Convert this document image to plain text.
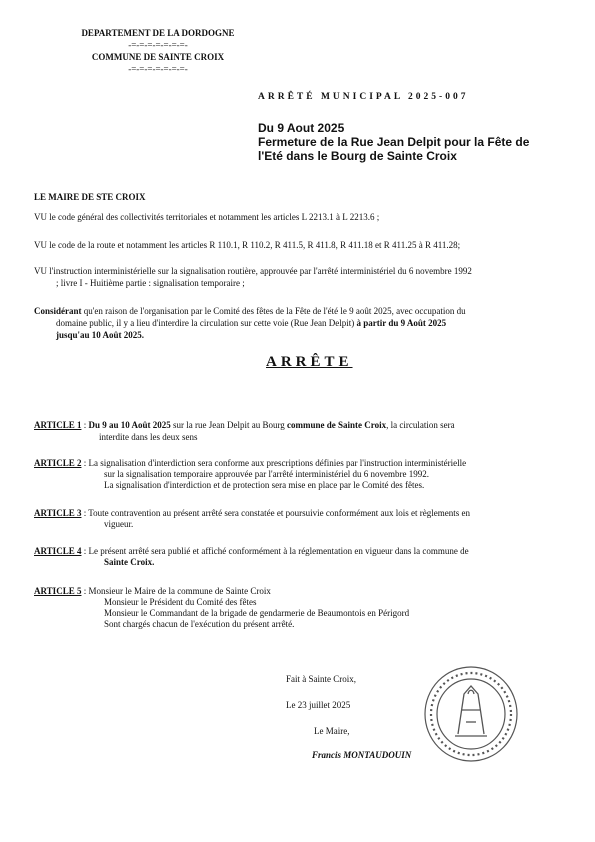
DEPARTEMENT DE LA DORDOGNE
-=-=-=-=-=-=-=-
COMMUNE DE SAINTE CROIX
-=-=-=-=-=-=-=-
ARRÊTÉ MUNICIPAL 2025-007
Du 9 Aout 2025
Fermeture de la Rue Jean Delpit pour la Fête de
l'Eté dans le Bourg de Sainte Croix
LE MAIRE DE STE CROIX
VU le code général des collectivités territoriales et notamment les articles L 2213.1 à L 2213.6 ;
VU le code de la route et notamment les articles R 110.1, R 110.2, R 411.5, R 411.8, R 411.18 et R 411.25 à R 411.28;
VU l'instruction interministérielle sur la signalisation routière, approuvée par l'arrêté interministériel du 6 novembre 1992
; livre I - Huitième partie : signalisation temporaire ;
Considérant qu'en raison de l'organisation par le Comité des fêtes de la Fête de l'été le 9 août 2025, avec occupation du
domaine public, il y a lieu d'interdire la circulation sur cette voie (Rue Jean Delpit) à partir du 9 Août 2025
jusqu'au 10 Août 2025.
ARRÊTE
ARTICLE 1 : Du 9 au 10 Août 2025 sur la rue Jean Delpit au Bourg commune de Sainte Croix, la circulation sera
interdite dans les deux sens
ARTICLE 2 : La signalisation d'interdiction sera conforme aux prescriptions définies par l'instruction interministérielle
sur la signalisation temporaire approuvée par l'arrêté interministériel du 6 novembre 1992.
La signalisation d'interdiction et de protection sera mise en place par le Comité des fêtes.
ARTICLE 3 : Toute contravention au présent arrêté sera constatée et poursuivie conformément aux lois et règlements en
vigueur.
ARTICLE 4 : Le présent arrêté sera publié et affiché conformément à la réglementation en vigueur dans la commune de
Sainte Croix.
ARTICLE 5 : Monsieur le Maire de la commune de Sainte Croix
Monsieur le Président du Comité des fêtes
Monsieur le Commandant de la brigade de gendarmerie de Beaumontois en Périgord
Sont chargés chacun de l'exécution du présent arrêté.
Fait à Sainte Croix,
Le 23 juillet 2025
Le Maire,
Francis MONTAUDOUIN
